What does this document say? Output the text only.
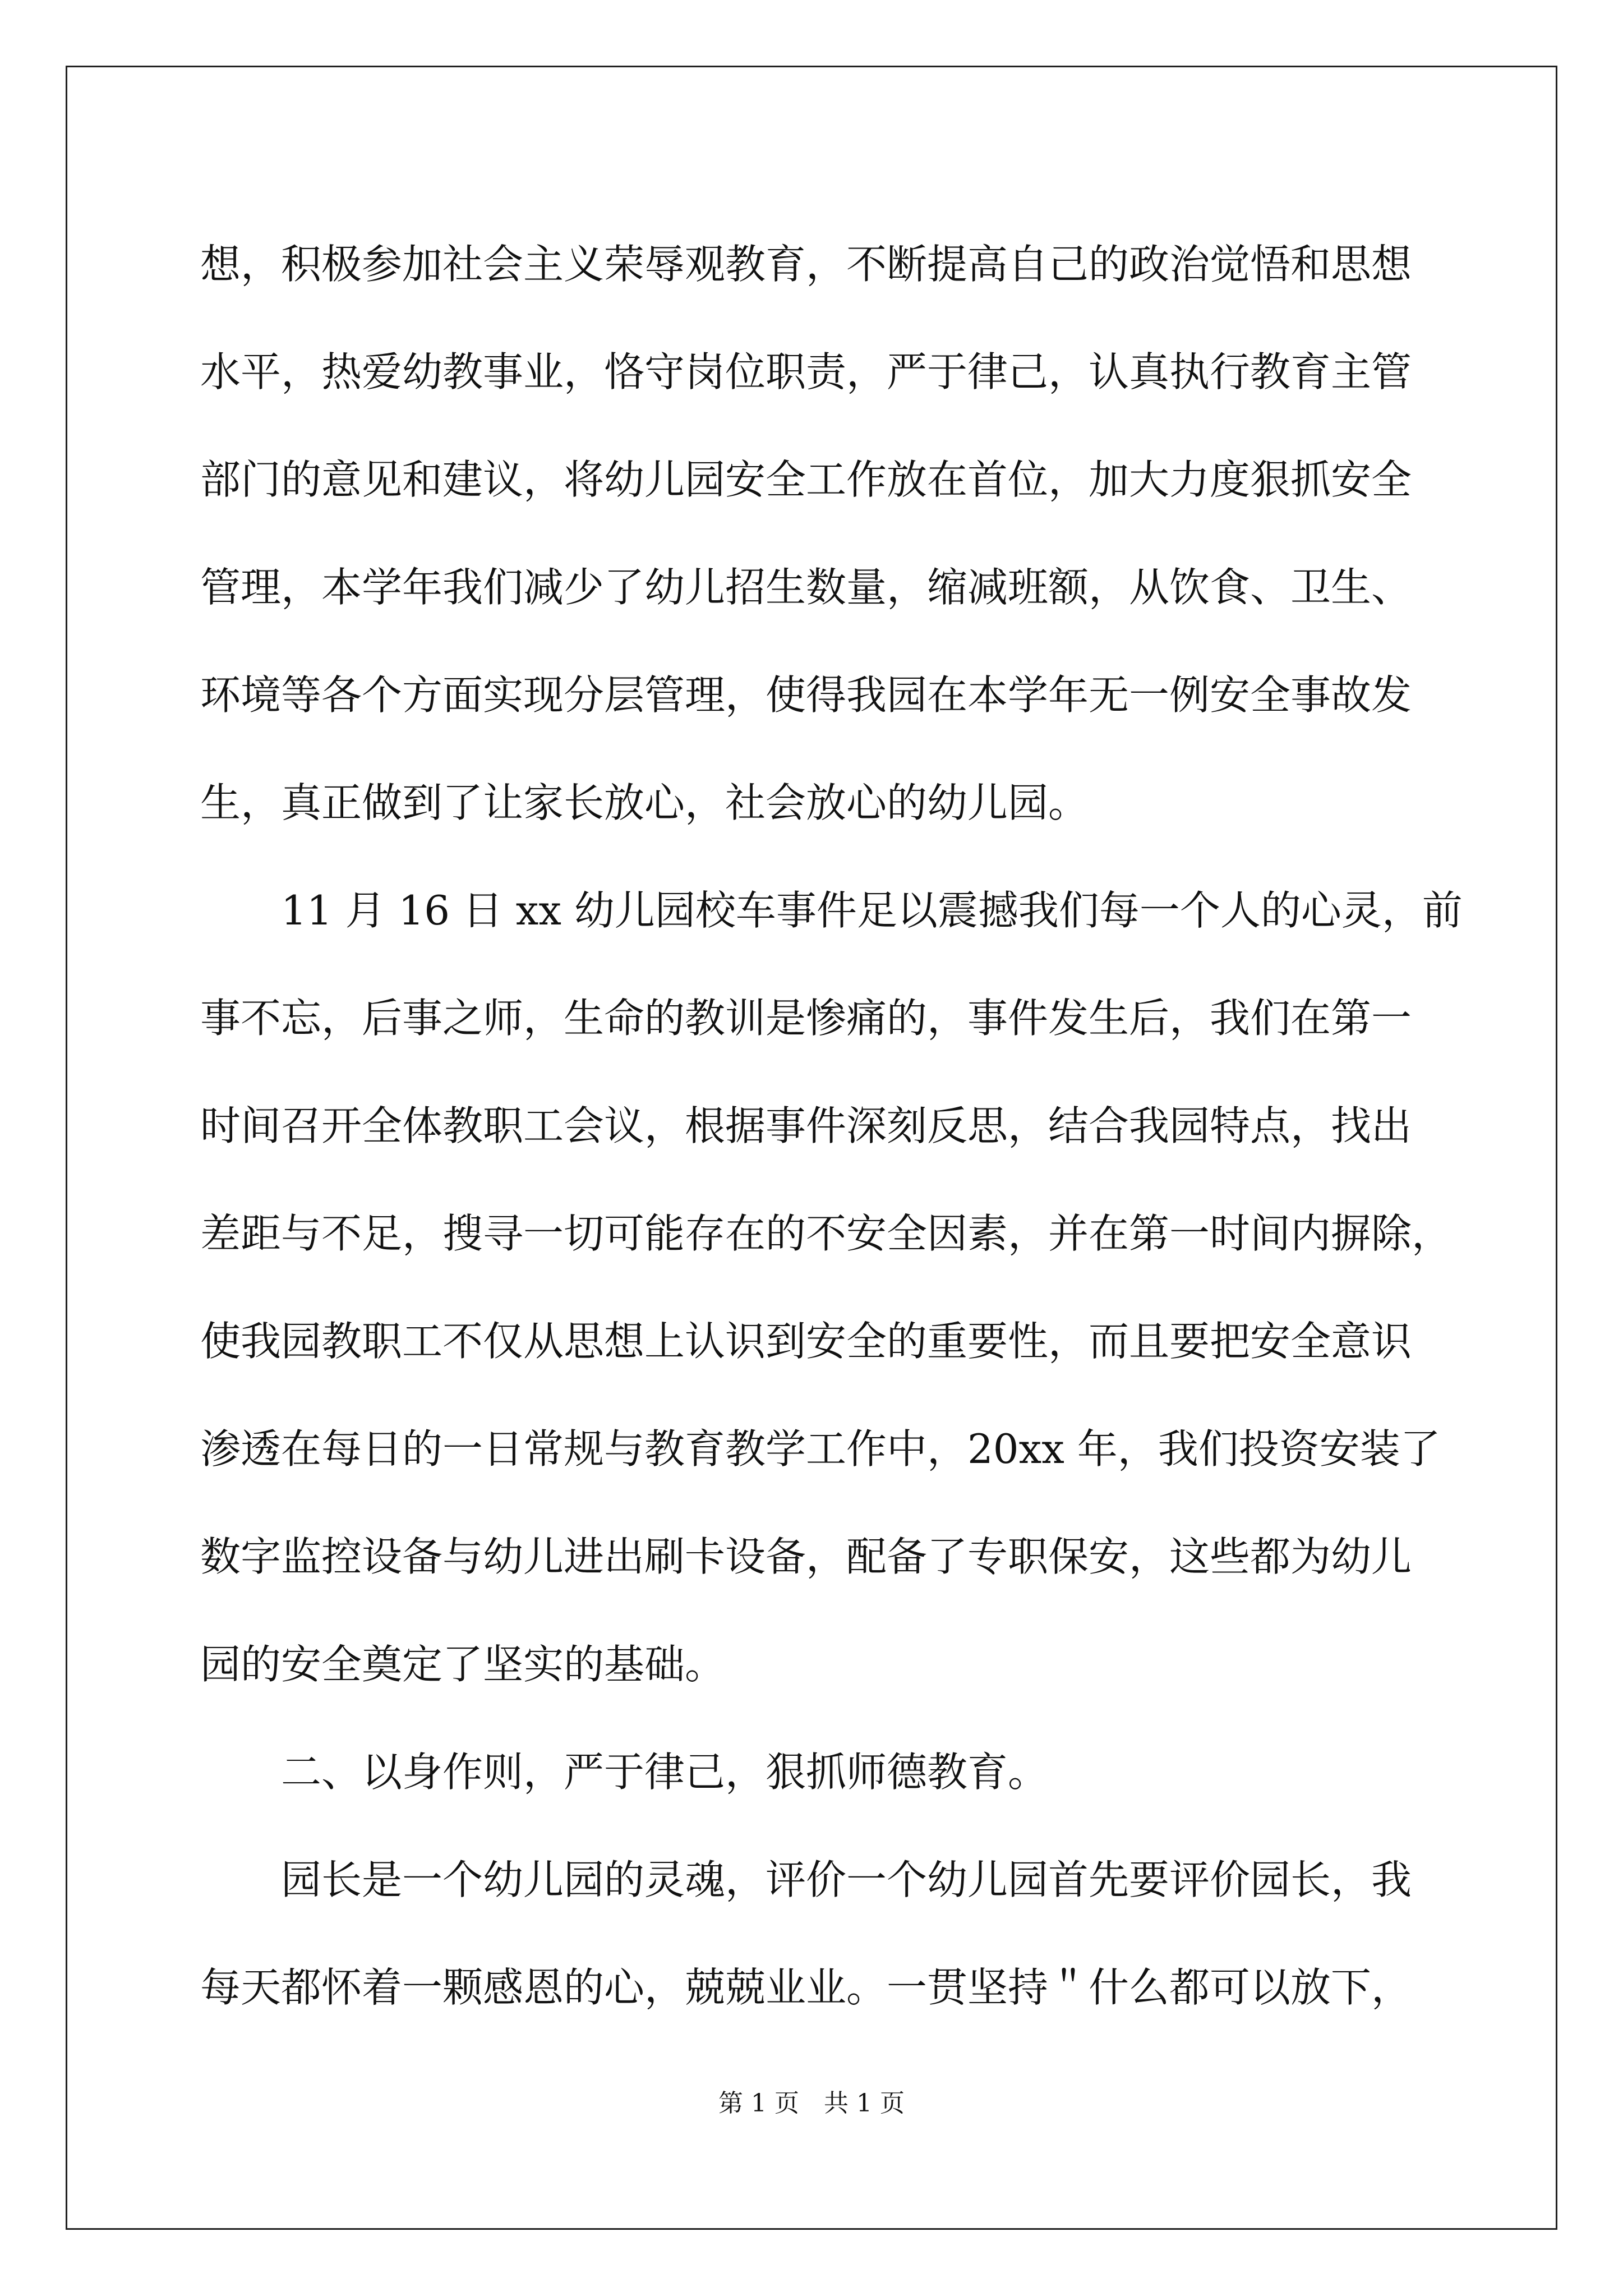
想，积极参加社会主义荣辱观教育，不断提高自己的政治觉悟和思想
水平，热爱幼教事业，恪守岗位职责，严于律己，认真执行教育主管
部门的意见和建议，将幼儿园安全工作放在首位，加大力度狠抓安全
管理，本学年我们减少了幼儿招生数量，缩减班额，从饮食、卫生、
环境等各个方面实现分层管理，使得我园在本学年无一例安全事故发
生，真正做到了让家长放心，社会放心的幼儿园。

11 月 16 日 xx 幼儿园校车事件足以震撼我们每一个人的心灵，前
事不忘，后事之师，生命的教训是惨痛的，事件发生后，我们在第一
时间召开全体教职工会议，根据事件深刻反思，结合我园特点，找出
差距与不足，搜寻一切可能存在的不安全因素，并在第一时间内摒除，
使我园教职工不仅从思想上认识到安全的重要性，而且要把安全意识
渗透在每日的一日常规与教育教学工作中，20xx 年，我们投资安装了
数字监控设备与幼儿进出刷卡设备，配备了专职保安，这些都为幼儿
园的安全奠定了坚实的基础。

二、以身作则，严于律己，狠抓师德教育。

园长是一个幼儿园的灵魂，评价一个幼儿园首先要评价园长，我
每天都怀着一颗感恩的心，兢兢业业。一贯坚持＂什么都可以放下，

第 1 页 共 1 页
